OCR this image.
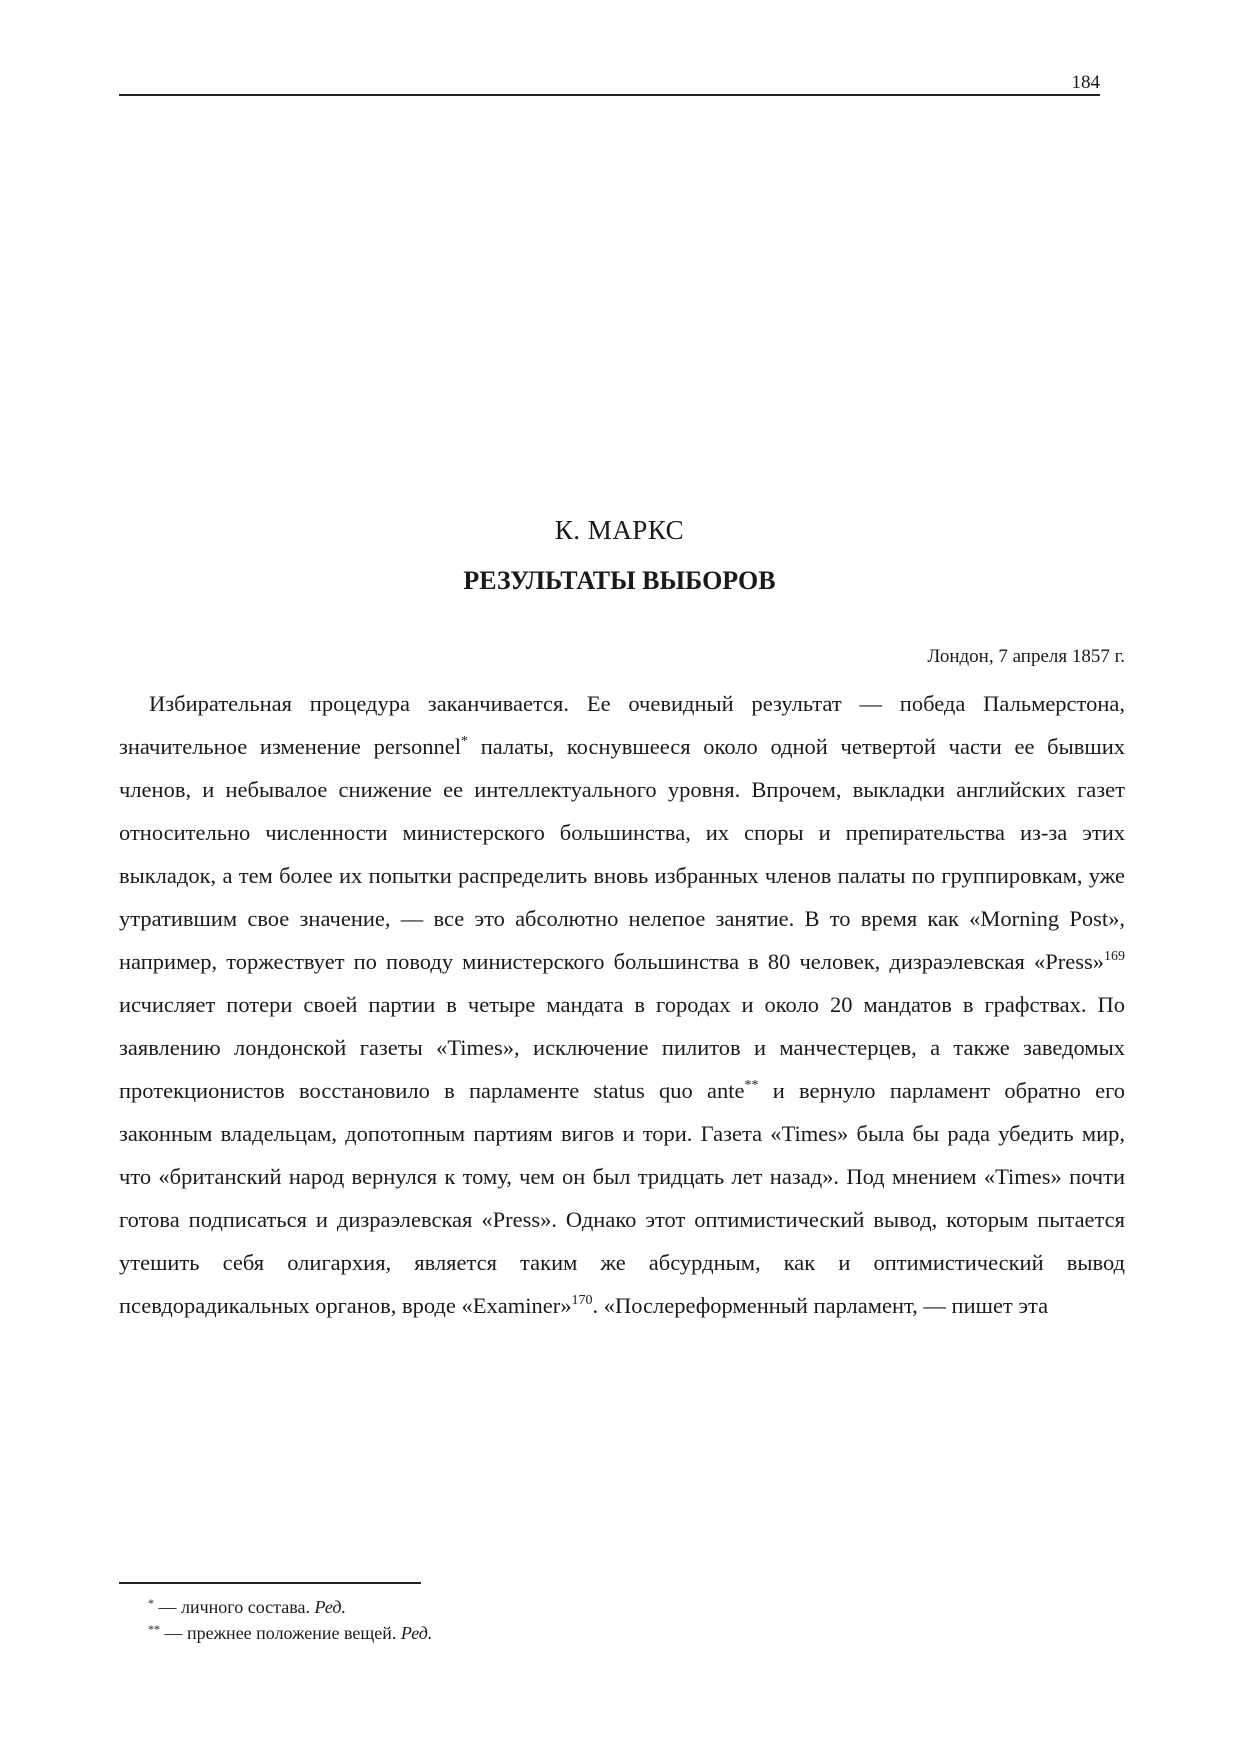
184
К. МАРКС
РЕЗУЛЬТАТЫ ВЫБОРОВ
Лондон, 7 апреля 1857 г.

Избирательная процедура заканчивается. Ее очевидный результат — победа Пальмерстона, значительное изменение personnel* палаты, коснувшееся около одной четвертой части ее бывших членов, и небывалое снижение ее интеллектуального уровня. Впрочем, выкладки английских газет относительно численности министерского большинства, их споры и препирательства из-за этих выкладок, а тем более их попытки распределить вновь избранных членов палаты по группировкам, уже утратившим свое значение, — все это абсолютно нелепое занятие. В то время как «Morning Post», например, торжествует по поводу министерского большинства в 80 человек, дизраэлевская «Press»$^{169}$ исчисляет потери своей партии в четыре мандата в городах и около 20 мандатов в графствах. По заявлению лондонской газеты «Times», исключение пилитов и манчестерцев, а также заведомых протекционистов восстановило в парламенте status quo ante** и вернуло парламент обратно его законным владельцам, допотопным партиям вигов и тори. Газета «Times» была бы рада убедить мир, что «британский народ вернулся к тому, чем он был тридцать лет назад». Под мнением «Times» почти готова подписаться и дизраэлевская «Press». Однако этот оптимистический вывод, которым пытается утешить себя олигархия, является таким же абсурдным, как и оптимистический вывод псевдорадикальных органов, вроде «Examiner»$^{170}$. «Послереформенный парламент, — пишет эта

* — личного состава. Ред.
** — прежнее положение вещей. Ред.
